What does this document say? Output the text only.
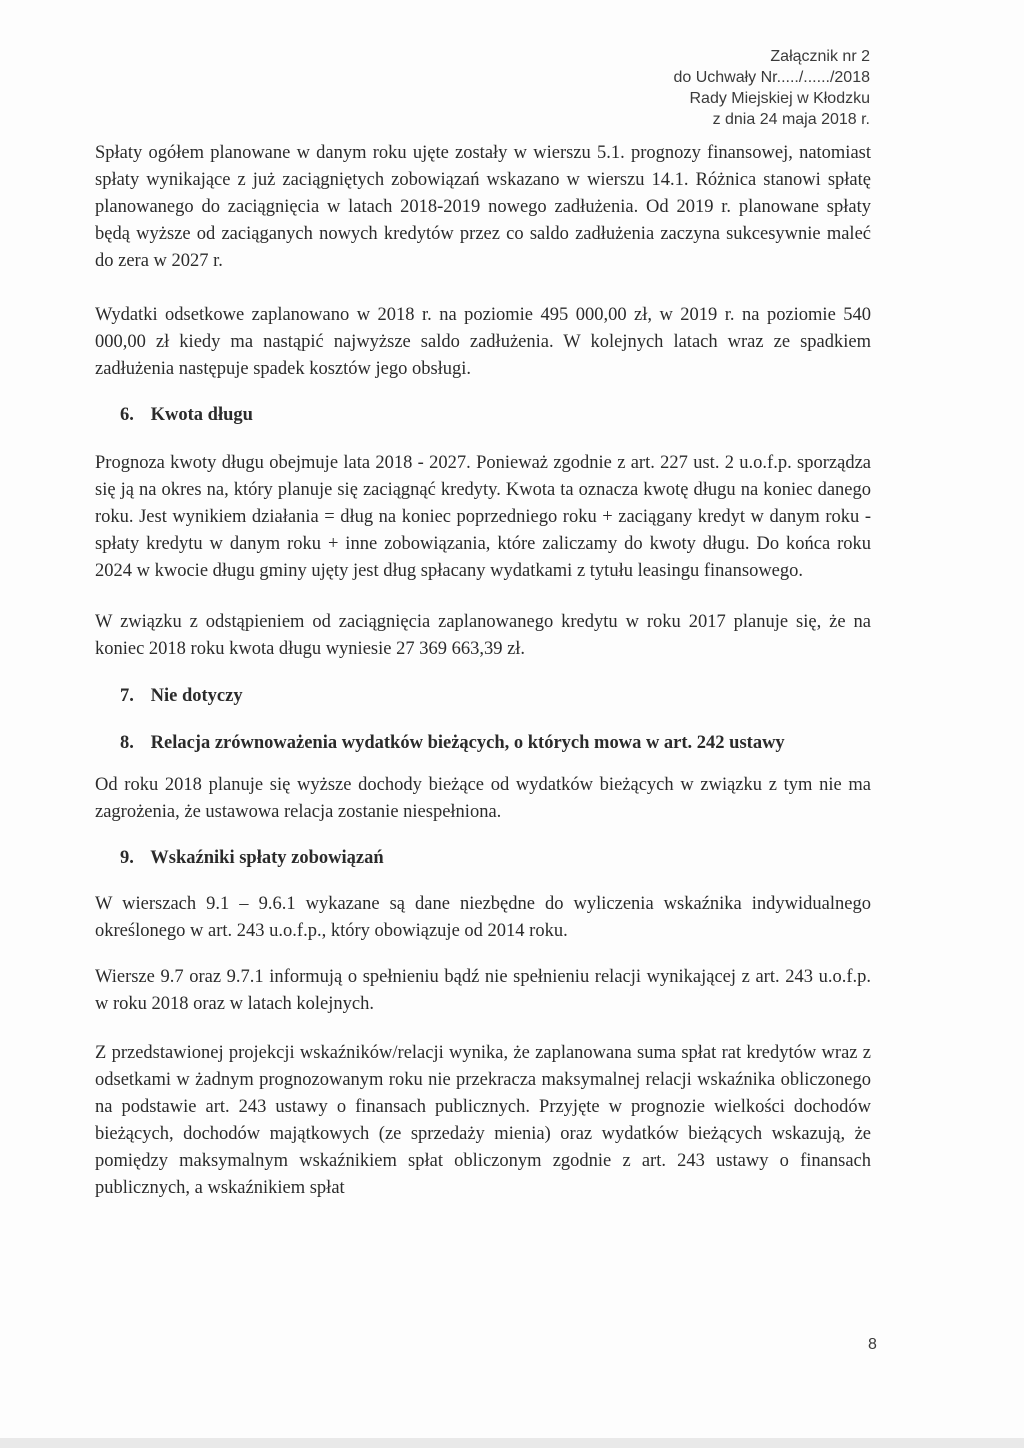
Załącznik nr 2
do Uchwały Nr...../....../2018
Rady Miejskiej w Kłodzku
z dnia 24 maja 2018 r.

Spłaty ogółem planowane w danym roku ujęte zostały w wierszu 5.1. prognozy finansowej, natomiast spłaty wynikające z już zaciągniętych zobowiązań wskazano w wierszu 14.1. Różnica stanowi spłatę planowanego do zaciągnięcia w latach 2018-2019 nowego zadłużenia. Od 2019 r. planowane spłaty będą wyższe od zaciąganych nowych kredytów przez co saldo zadłużenia zaczyna sukcesywnie maleć do zera w 2027 r.

Wydatki odsetkowe zaplanowano w 2018 r. na poziomie 495 000,00 zł, w 2019 r. na poziomie 540 000,00 zł kiedy ma nastąpić najwyższe saldo zadłużenia. W kolejnych latach wraz ze spadkiem zadłużenia następuje spadek kosztów jego obsługi.

6. Kwota długu

Prognoza kwoty długu obejmuje lata 2018 - 2027. Ponieważ zgodnie z art. 227 ust. 2 u.o.f.p. sporządza się ją na okres na, który planuje się zaciągnąć kredyty. Kwota ta oznacza kwotę długu na koniec danego roku. Jest wynikiem działania = dług na koniec poprzedniego roku + zaciągany kredyt w danym roku - spłaty kredytu w danym roku + inne zobowiązania, które zaliczamy do kwoty długu. Do końca roku 2024 w kwocie długu gminy ujęty jest dług spłacany wydatkami z tytułu leasingu finansowego.

W związku z odstąpieniem od zaciągnięcia zaplanowanego kredytu w roku 2017 planuje się, że na koniec 2018 roku kwota długu wyniesie 27 369 663,39 zł.

7. Nie dotyczy
8. Relacja zrównoważenia wydatków bieżących, o których mowa w art. 242 ustawy

Od roku 2018 planuje się wyższe dochody bieżące od wydatków bieżących w związku z tym nie ma zagrożenia, że ustawowa relacja zostanie niespełniona.

9. Wskaźniki spłaty zobowiązań

W wierszach 9.1 – 9.6.1 wykazane są dane niezbędne do wyliczenia wskaźnika indywidualnego określonego w art. 243 u.o.f.p., który obowiązuje od 2014 roku.

Wiersze 9.7 oraz 9.7.1 informują o spełnieniu bądź nie spełnieniu relacji wynikającej z art. 243 u.o.f.p. w roku 2018 oraz w latach kolejnych.

Z przedstawionej projekcji wskaźników/relacji wynika, że zaplanowana suma spłat rat kredytów wraz z odsetkami w żadnym prognozowanym roku nie przekracza maksymalnej relacji wskaźnika obliczonego na podstawie art. 243 ustawy o finansach publicznych. Przyjęte w prognozie wielkości dochodów bieżących, dochodów majątkowych (ze sprzedaży mienia) oraz wydatków bieżących wskazują, że pomiędzy maksymalnym wskaźnikiem spłat obliczonym zgodnie z art. 243 ustawy o finansach publicznych, a wskaźnikiem spłat

8
